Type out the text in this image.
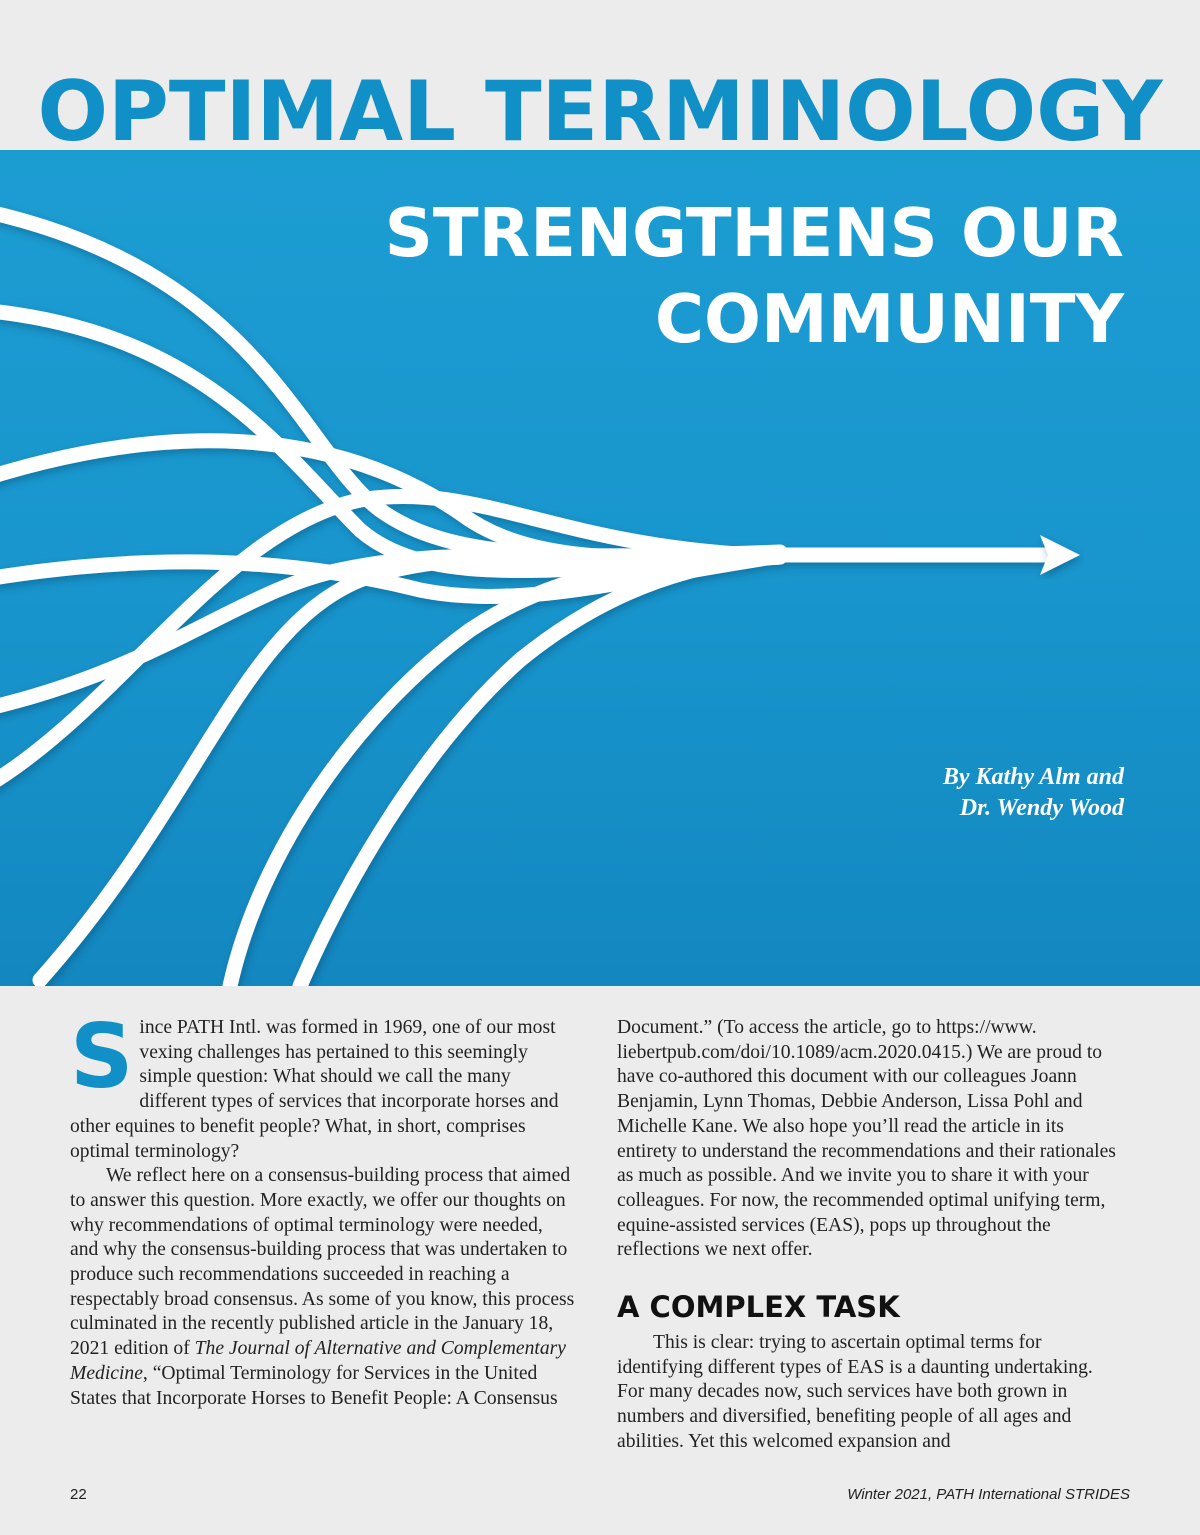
OPTIMAL TERMINOLOGY
STRENGTHENS OUR
COMMUNITY
By Kathy Alm and
Dr. Wendy Wood

Since PATH Intl. was formed in 1969, one of our most vexing challenges has pertained to this seemingly simple question: What should we call the many different types of services that incorporate horses and other equines to benefit people? What, in short, comprises optimal terminology?

We reflect here on a consensus-building process that aimed to answer this question. More exactly, we offer our thoughts on why recommendations of optimal terminology were needed, and why the consensus-building process that was undertaken to produce such recommendations succeeded in reaching a respectably broad consensus. As some of you know, this process culminated in the recently published article in the January 18, 2021 edition of The Journal of Alternative and Complementary Medicine, “Optimal Terminology for Services in the United States that Incorporate Horses to Benefit People: A Consensus

Document.” (To access the article, go to https://www. liebertpub.com/doi/10.1089/acm.2020.0415.) We are proud to have co-authored this document with our colleagues Joann Benjamin, Lynn Thomas, Debbie Anderson, Lissa Pohl and Michelle Kane. We also hope you’ll read the article in its entirety to understand the recommendations and their rationales as much as possible. And we invite you to share it with your colleagues. For now, the recommended optimal unifying term, equine-assisted services (EAS), pops up throughout the reflections we next offer.

A COMPLEX TASK

This is clear: trying to ascertain optimal terms for identifying different types of EAS is a daunting undertaking. For many decades now, such services have both grown in numbers and diversified, benefiting people of all ages and abilities. Yet this welcomed expansion and

22	Winter 2021, PATH International STRIDES
